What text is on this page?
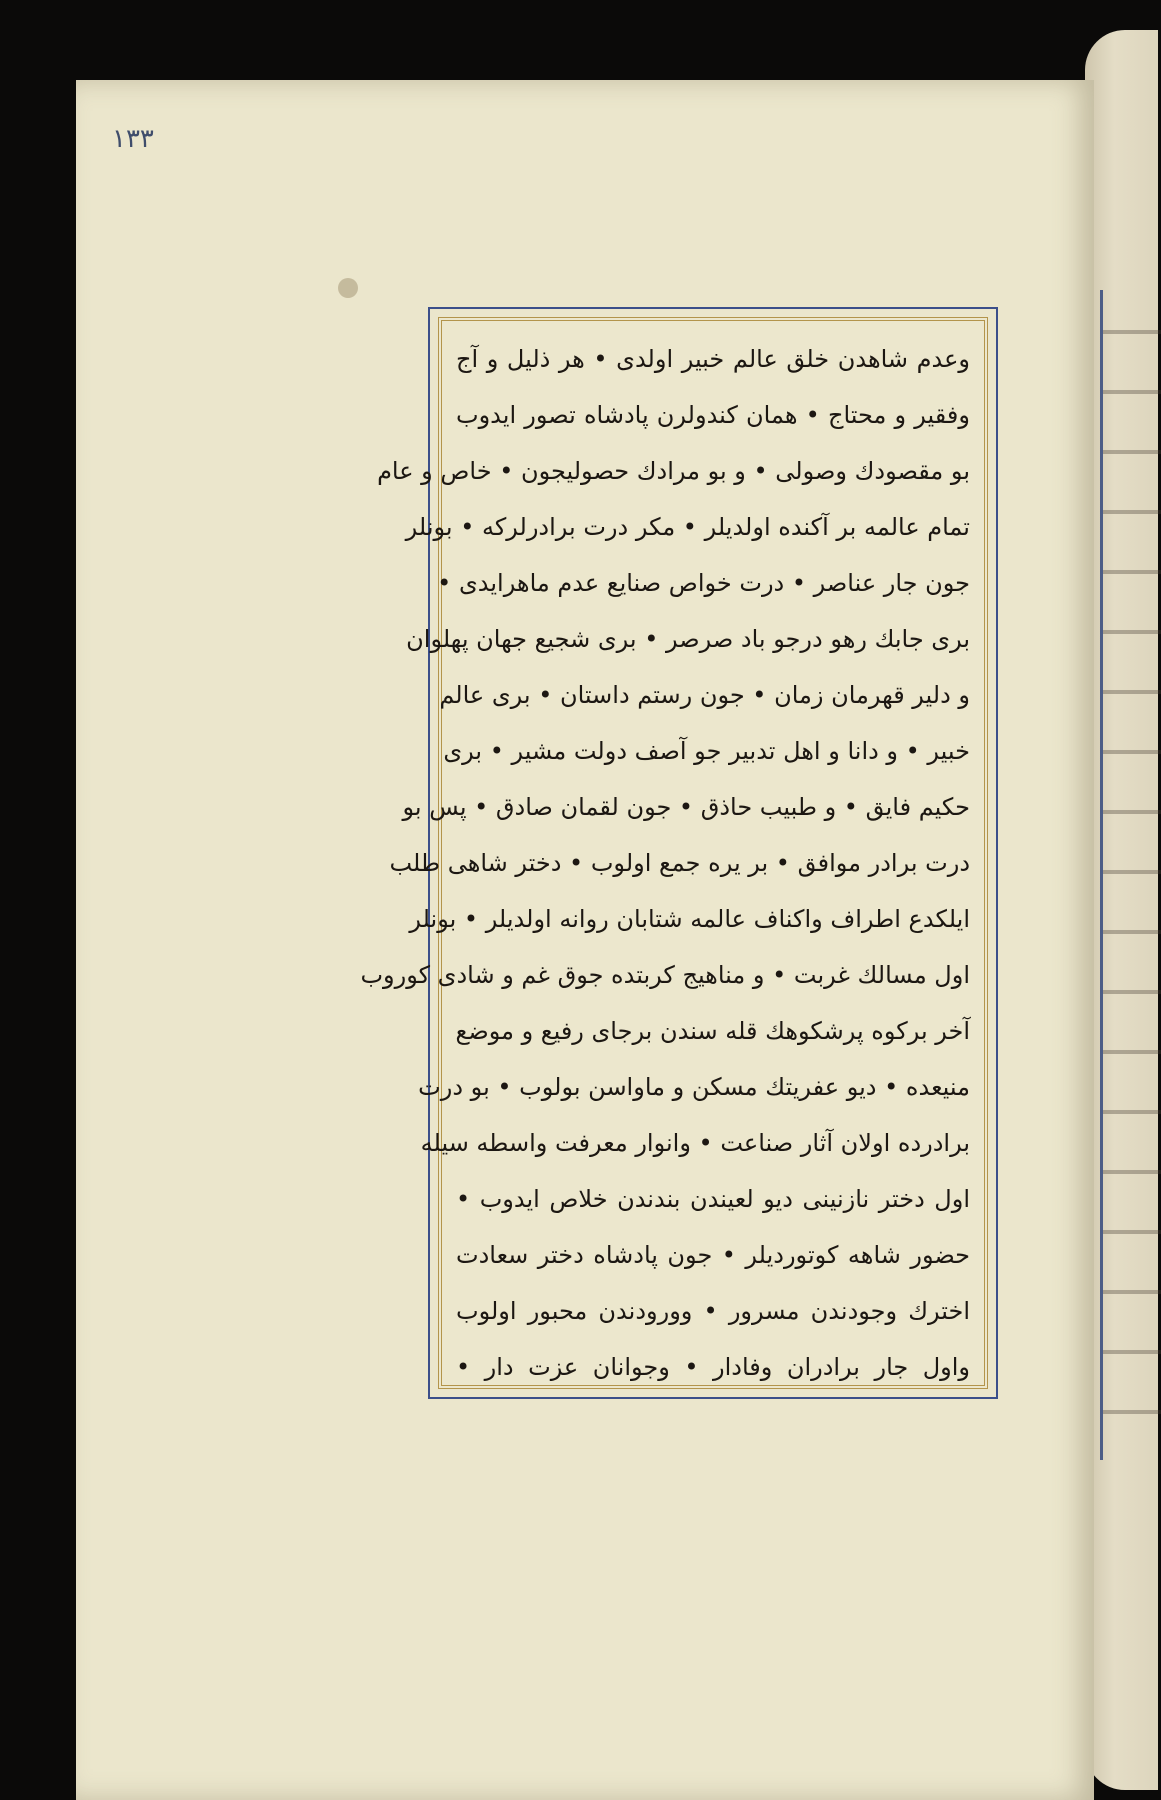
١٣٣
وعدم شاهدن خلق عالم خبیر اولدی • هر ذلیل و آج
وفقیر و محتاج • همان کندولرن پادشاه تصور ایدوب
بو مقصودك وصولی • و بو مرادك حصولیجون • خاص و عام
تمام عالمه بر آکنده اولدیلر • مکر درت برادرلرکه • بونلر
جون جار عناصر • درت خواص صنایع عدم ماهرایدی •
بری جابك رهو درجو باد صرصر • بری شجیع جهان پهلوان
و دلیر قهرمان زمان • جون رستم داستان • بری عالم
خبیر • و دانا و اهل تدبیر جو آصف دولت مشیر • بری
حکیم فایق • و طبیب حاذق • جون لقمان صادق • پس بو
درت برادر موافق • بر یره جمع اولوب • دختر شاهی طلب
ایلکدع اطراف واکناف عالمه شتابان روانه اولدیلر • بونلر
اول مسالك غربت • و مناهیج کربتده جوق غم و شادی کوروب
آخر برکوه پرشکوهك قله سندن برجای رفیع و موضع
منیعده • دیو عفریتك مسکن و ماواسن بولوب • بو درت
برادرده اولان آثار صناعت • وانوار معرفت واسطه سیله
اول دختر نازنینی دیو لعیندن بندندن خلاص ایدوب •
حضور شاهه کوتوردیلر • جون پادشاه دختر سعادت
اخترك وجودندن مسرور • وورودندن محبور اولوب
واول جار برادران وفادار • وجوانان عزت دار •
